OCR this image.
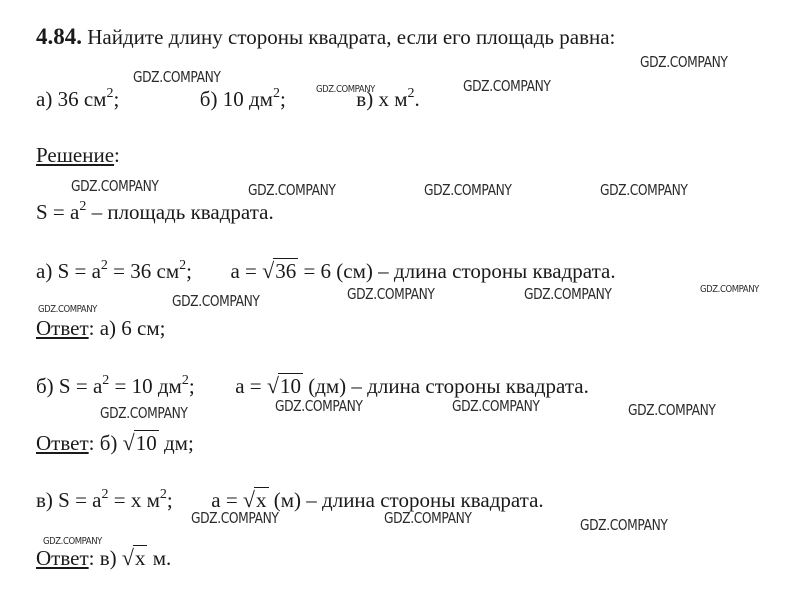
4.84. Найдите длину стороны квадрата, если его площадь равна:
а) 36 $см^2$;	б) 10 $дм^2$;	в) x $м^2$.
Решение:
$S = a^2$ – площадь квадрата.
а) $S = a^2 = 36$ $см^2$; a = √36 = 6 (см) – длина стороны квадрата.
Ответ: а) 6 см;
б) $S = a^2 = 10$ $дм^2$; a = √10 (дм) – длина стороны квадрата.
Ответ: б) √10 дм;
в) $S = a^2 = x$ $м^2$; a = √x (м) – длина стороны квадрата.
Ответ: в) √x м.
GDZ.COMPANY
GDZ.COMPANY	GDZ.COMPANY
GDZ.COMPANY
GDZ.COMPANY	GDZ.COMPANY	GDZ.COMPANY	GDZ.COMPANY
GDZ.COMPANY	GDZ.COMPANY	GDZ.COMPANY
GDZ.COMPANY
GDZ.COMPANY
GDZ.COMPANY	GDZ.COMPANY	GDZ.COMPANY
GDZ.COMPANY
GDZ.COMPANY	GDZ.COMPANY	GDZ.COMPANY
GDZ.COMPANY
